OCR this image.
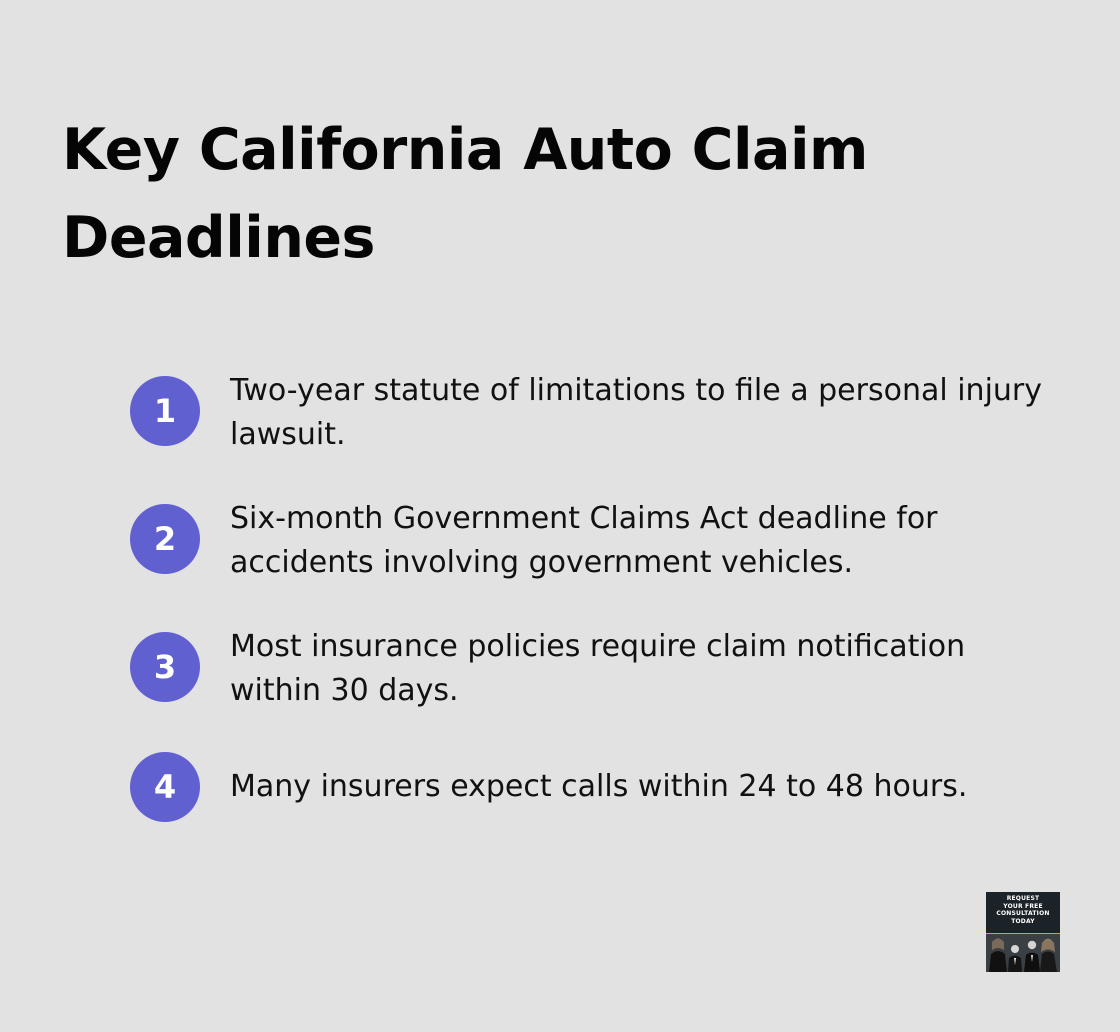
Key California Auto Claim Deadlines
1
Two-year statute of limitations to file a personal injury lawsuit.
2
Six-month Government Claims Act deadline for accidents involving government vehicles.
3
Most insurance policies require claim notification within 30 days.
4	Many insurers expect calls within 24 to 48 hours.
REQUEST
YOUR FREE
CONSULTATION
TODAY
